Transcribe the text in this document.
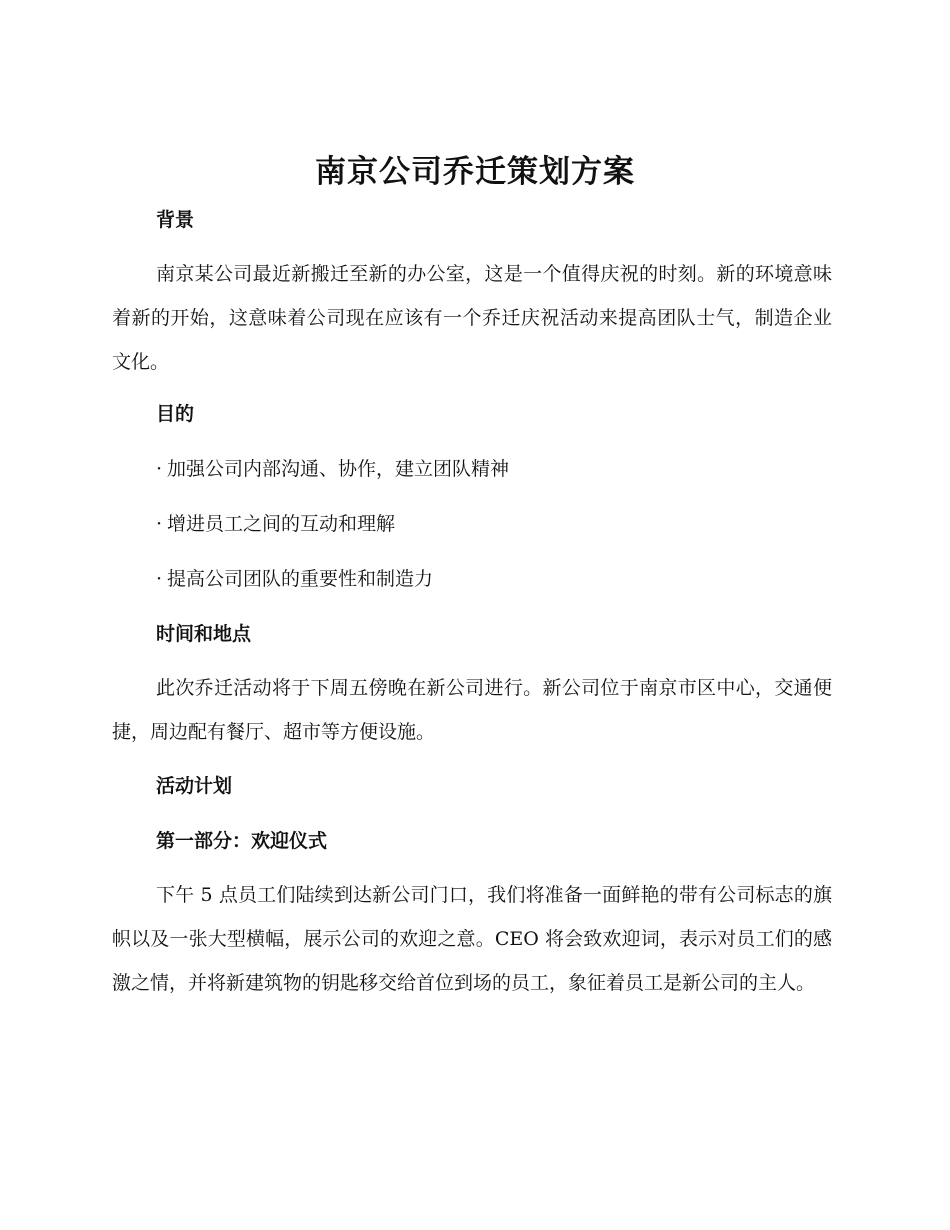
南京公司乔迁策划方案
背景

南京某公司最近新搬迁至新的办公室，这是一个值得庆祝的时刻。新的环境意味着新的开始，这意味着公司现在应该有一个乔迁庆祝活动来提高团队士气，制造企业文化。

目的
· 加强公司内部沟通、协作，建立团队精神
· 增进员工之间的互动和理解
· 提高公司团队的重要性和制造力
时间和地点

此次乔迁活动将于下周五傍晚在新公司进行。新公司位于南京市区中心，交通便捷，周边配有餐厅、超市等方便设施。

活动计划
第一部分：欢迎仪式

下午 5 点员工们陆续到达新公司门口，我们将准备一面鲜艳的带有公司标志的旗帜以及一张大型横幅，展示公司的欢迎之意。CEO 将会致欢迎词，表示对员工们的感激之情，并将新建筑物的钥匙移交给首位到场的员工，象征着员工是新公司的主人。
